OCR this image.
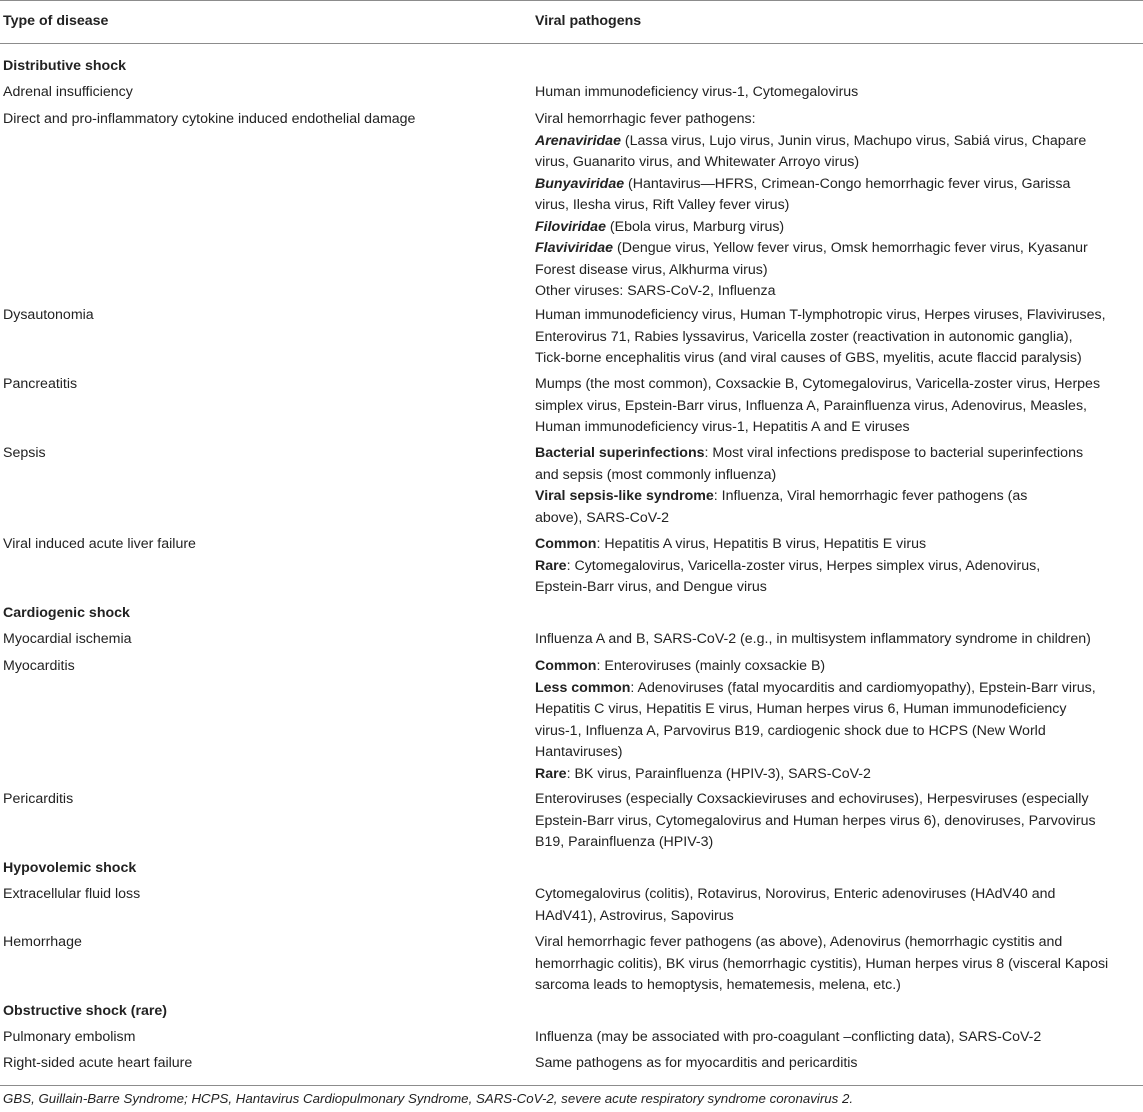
Type of disease	Viral pathogens
Distributive shock
Adrenal insufficiency	Human immunodeficiency virus-1, Cytomegalovirus
Direct and pro-inflammatory cytokine induced endothelial damage	Viral hemorrhagic fever pathogens:
Arenaviridae (Lassa virus, Lujo virus, Junin virus, Machupo virus, Sabiá virus, Chapare
virus, Guanarito virus, and Whitewater Arroyo virus)
Bunyaviridae (Hantavirus—HFRS, Crimean-Congo hemorrhagic fever virus, Garissa
virus, Ilesha virus, Rift Valley fever virus)
Filoviridae (Ebola virus, Marburg virus)
Flaviviridae (Dengue virus, Yellow fever virus, Omsk hemorrhagic fever virus, Kyasanur
Forest disease virus, Alkhurma virus)
Other viruses: SARS-CoV-2, Influenza
Dysautonomia	Human immunodeficiency virus, Human T-lymphotropic virus, Herpes viruses, Flaviviruses,
Enterovirus 71, Rabies lyssavirus, Varicella zoster (reactivation in autonomic ganglia),
Tick-borne encephalitis virus (and viral causes of GBS, myelitis, acute flaccid paralysis)
Pancreatitis	Mumps (the most common), Coxsackie B, Cytomegalovirus, Varicella-zoster virus, Herpes
simplex virus, Epstein-Barr virus, Influenza A, Parainfluenza virus, Adenovirus, Measles,
Human immunodeficiency virus-1, Hepatitis A and E viruses
Sepsis	Bacterial superinfections: Most viral infections predispose to bacterial superinfections
and sepsis (most commonly influenza)
Viral sepsis-like syndrome: Influenza, Viral hemorrhagic fever pathogens (as
above), SARS-CoV-2
Viral induced acute liver failure	Common: Hepatitis A virus, Hepatitis B virus, Hepatitis E virus
Rare: Cytomegalovirus, Varicella-zoster virus, Herpes simplex virus, Adenovirus,
Epstein-Barr virus, and Dengue virus
Cardiogenic shock
Myocardial ischemia	Influenza A and B, SARS-CoV-2 (e.g., in multisystem inflammatory syndrome in children)
Myocarditis	Common: Enteroviruses (mainly coxsackie B)
Less common: Adenoviruses (fatal myocarditis and cardiomyopathy), Epstein-Barr virus,
Hepatitis C virus, Hepatitis E virus, Human herpes virus 6, Human immunodeficiency
virus-1, Influenza A, Parvovirus B19, cardiogenic shock due to HCPS (New World
Hantaviruses)
Rare: BK virus, Parainfluenza (HPIV-3), SARS-CoV-2
Pericarditis	Enteroviruses (especially Coxsackieviruses and echoviruses), Herpesviruses (especially
Epstein-Barr virus, Cytomegalovirus and Human herpes virus 6), denoviruses, Parvovirus
B19, Parainfluenza (HPIV-3)
Hypovolemic shock
Extracellular fluid loss	Cytomegalovirus (colitis), Rotavirus, Norovirus, Enteric adenoviruses (HAdV40 and
HAdV41), Astrovirus, Sapovirus
Hemorrhage	Viral hemorrhagic fever pathogens (as above), Adenovirus (hemorrhagic cystitis and
hemorrhagic colitis), BK virus (hemorrhagic cystitis), Human herpes virus 8 (visceral Kaposi
sarcoma leads to hemoptysis, hematemesis, melena, etc.)
Obstructive shock (rare)
Pulmonary embolism	Influenza (may be associated with pro-coagulant –conflicting data), SARS-CoV-2
Right-sided acute heart failure	Same pathogens as for myocarditis and pericarditis
GBS, Guillain-Barre Syndrome; HCPS, Hantavirus Cardiopulmonary Syndrome, SARS-CoV-2, severe acute respiratory syndrome coronavirus 2.
